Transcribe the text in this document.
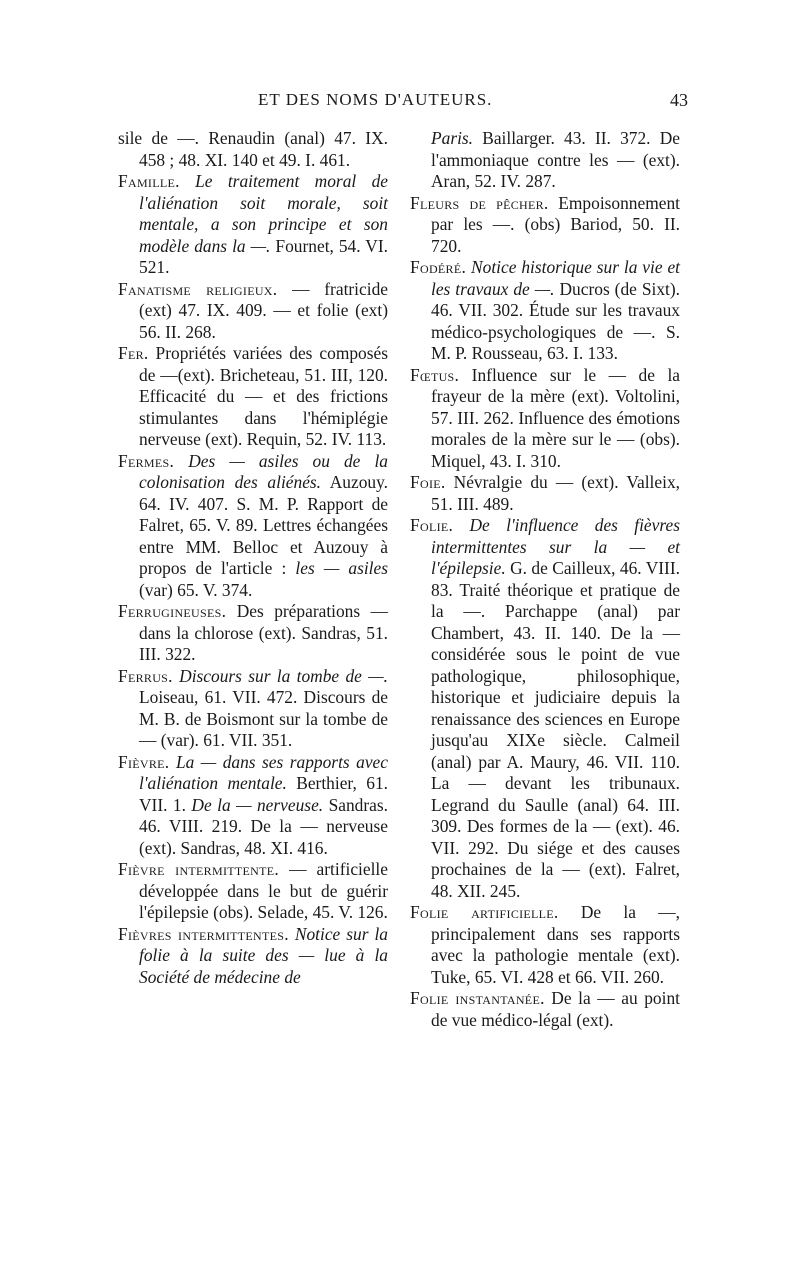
ET DES NOMS D'AUTEURS.	43

sile de —. Renaudin (anal) 47. IX. 458 ; 48. XI. 140 et 49. I. 461.

Famille. Le traitement moral de l'aliénation soit morale, soit mentale, a son principe et son modèle dans la —. Fournet, 54. VI. 521.

Fanatisme religieux. — fratricide (ext) 47. IX. 409. — et folie (ext) 56. II. 268.

Fer. Propriétés variées des composés de —(ext). Bricheteau, 51. III, 120. Efficacité du — et des frictions stimulantes dans l'hémiplégie nerveuse (ext). Requin, 52. IV. 113.

Fermes. Des — asiles ou de la colonisation des aliénés. Auzouy. 64. IV. 407. S. M. P. Rapport de Falret, 65. V. 89. Lettres échangées entre MM. Belloc et Auzouy à propos de l'article : les — asiles (var) 65. V. 374.

Ferrugineuses. Des préparations — dans la chlorose (ext). Sandras, 51. III. 322.

Ferrus. Discours sur la tombe de —. Loiseau, 61. VII. 472. Discours de M. B. de Boismont sur la tombe de — (var). 61. VII. 351.

Fièvre. La — dans ses rapports avec l'aliénation mentale. Berthier, 61. VII. 1. De la — nerveuse. Sandras. 46. VIII. 219. De la — nerveuse (ext). Sandras, 48. XI. 416.

Fièvre intermittente. — artificielle développée dans le but de guérir l'épilepsie (obs). Selade, 45. V. 126.

Fièvres intermittentes. Notice sur la folie à la suite des — lue à la Société de médecine de

Paris. Baillarger. 43. II. 372. De l'ammoniaque contre les — (ext). Aran, 52. IV. 287.

Fleurs de pêcher. Empoisonnement par les —. (obs) Bariod, 50. II. 720.

Fodéré. Notice historique sur la vie et les travaux de —. Ducros (de Sixt). 46. VII. 302. Étude sur les travaux médico-psychologiques de —. S. M. P. Rousseau, 63. I. 133.

Fœtus. Influence sur le — de la frayeur de la mère (ext). Voltolini, 57. III. 262. Influence des émotions morales de la mère sur le — (obs). Miquel, 43. I. 310.

Foie. Névralgie du — (ext). Valleix, 51. III. 489.

Folie. De l'influence des fièvres intermittentes sur la — et l'épilepsie. G. de Cailleux, 46. VIII. 83. Traité théorique et pratique de la —. Parchappe (anal) par Chambert, 43. II. 140. De la — considérée sous le point de vue pathologique, philosophique, historique et judiciaire depuis la renaissance des sciences en Europe jusqu'au XIXe siècle. Calmeil (anal) par A. Maury, 46. VII. 110. La — devant les tribunaux. Legrand du Saulle (anal) 64. III. 309. Des formes de la — (ext). 46. VII. 292. Du siége et des causes prochaines de la — (ext). Falret, 48. XII. 245.

Folie artificielle. De la —, principalement dans ses rapports avec la pathologie mentale (ext). Tuke, 65. VI. 428 et 66. VII. 260.

Folie instantanée. De la — au point de vue médico-légal (ext).
